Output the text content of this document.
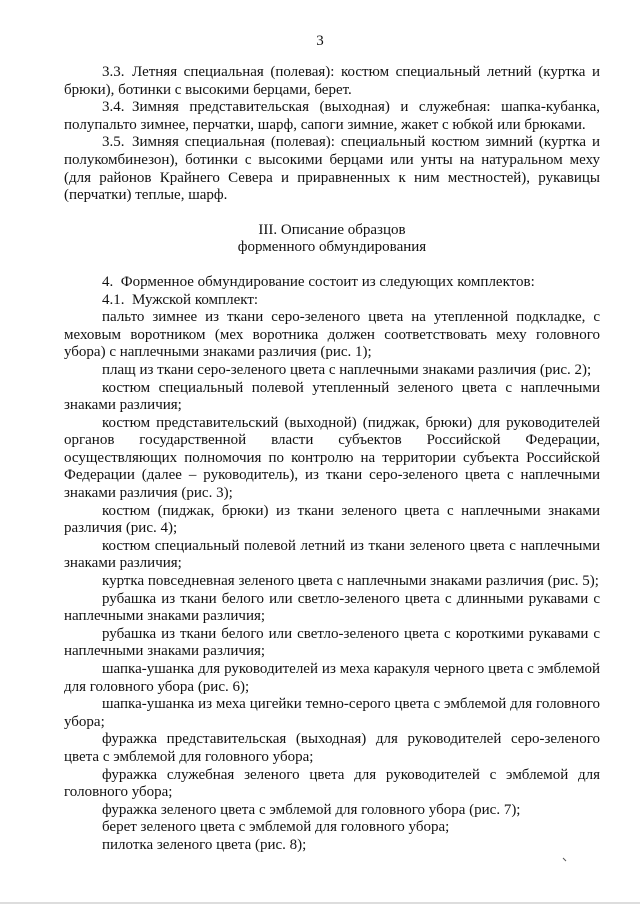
3

3.3. Летняя специальная (полевая): костюм специальный летний (куртка и брюки), ботинки с высокими берцами, берет.

3.4. Зимняя представительская (выходная) и служебная: шапка-кубанка, полупальто зимнее, перчатки, шарф, сапоги зимние, жакет с юбкой или брюками.

3.5. Зимняя специальная (полевая): специальный костюм зимний (куртка и полукомбинезон), ботинки с высокими берцами или унты на натуральном меху (для районов Крайнего Севера и приравненных к ним местностей), рукавицы (перчатки) теплые, шарф.

III. Описание образцов

форменного обмундирования

4. Форменное обмундирование состоит из следующих комплектов:

4.1. Мужской комплект:

пальто зимнее из ткани серо-зеленого цвета на утепленной подкладке, с меховым воротником (мех воротника должен соответствовать меху головного убора) с наплечными знаками различия (рис. 1);

плащ из ткани серо-зеленого цвета с наплечными знаками различия (рис. 2);

костюм специальный полевой утепленный зеленого цвета с наплечными знаками различия;

костюм представительский (выходной) (пиджак, брюки) для руководителей органов государственной власти субъектов Российской Федерации, осуществляющих полномочия по контролю на территории субъекта Российской Федерации (далее – руководитель), из ткани серо-зеленого цвета с наплечными знаками различия (рис. 3);

костюм (пиджак, брюки) из ткани зеленого цвета с наплечными знаками различия (рис. 4);

костюм специальный полевой летний из ткани зеленого цвета с наплечными знаками различия;

куртка повседневная зеленого цвета с наплечными знаками различия (рис. 5);

рубашка из ткани белого или светло-зеленого цвета с длинными рукавами с наплечными знаками различия;

рубашка из ткани белого или светло-зеленого цвета с короткими рукавами с наплечными знаками различия;

шапка-ушанка для руководителей из меха каракуля черного цвета с эмблемой для головного убора (рис. 6);

шапка-ушанка из меха цигейки темно-серого цвета с эмблемой для головного убора;

фуражка представительская (выходная) для руководителей серо-зеленого цвета с эмблемой для головного убора;

фуражка служебная зеленого цвета для руководителей с эмблемой для головного убора;

фуражка зеленого цвета с эмблемой для головного убора (рис. 7);

берет зеленого цвета с эмблемой для головного убора;

пилотка зеленого цвета (рис. 8);
